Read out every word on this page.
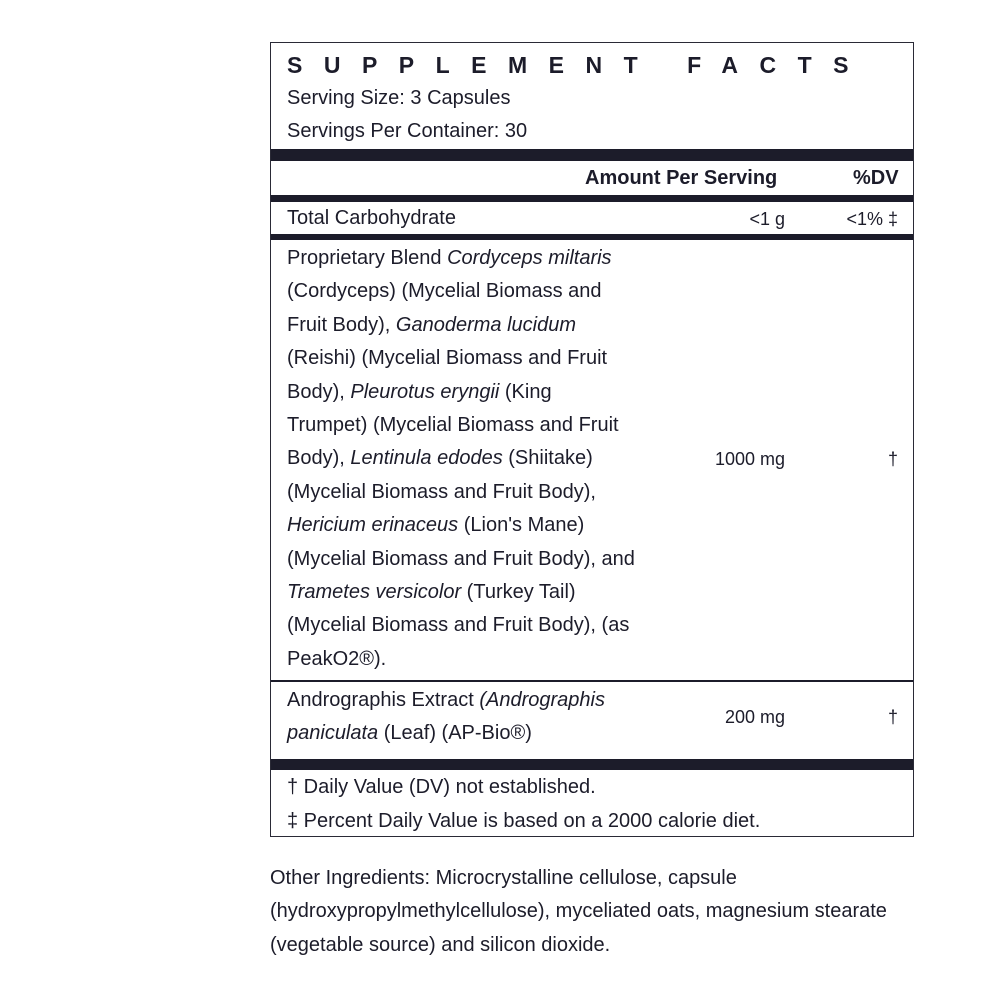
SUPPLEMENT FACTS
Serving Size: 3 Capsules
Servings Per Container: 30
Amount Per Serving	%DV
Total Carbohydrate	<1 g	<1% ‡
Proprietary Blend Cordyceps miltaris
(Cordyceps) (Mycelial Biomass and
Fruit Body), Ganoderma lucidum
(Reishi) (Mycelial Biomass and Fruit
Body), Pleurotus eryngii (King
Trumpet) (Mycelial Biomass and Fruit
Body), Lentinula edodes (Shiitake)
(Mycelial Biomass and Fruit Body),
Hericium erinaceus (Lion's Mane)
(Mycelial Biomass and Fruit Body), and
Trametes versicolor (Turkey Tail)
(Mycelial Biomass and Fruit Body), (as
PeakO2®).
1000 mg	†
Andrographis Extract (Andrographis
paniculata (Leaf) (AP-Bio®)
200 mg	†
† Daily Value (DV) not established.
‡ Percent Daily Value is based on a 2000 calorie diet.
Other Ingredients: Microcrystalline cellulose, capsule (hydroxypropylmethylcellulose), myceliated oats, magnesium stearate (vegetable source) and silicon dioxide.
